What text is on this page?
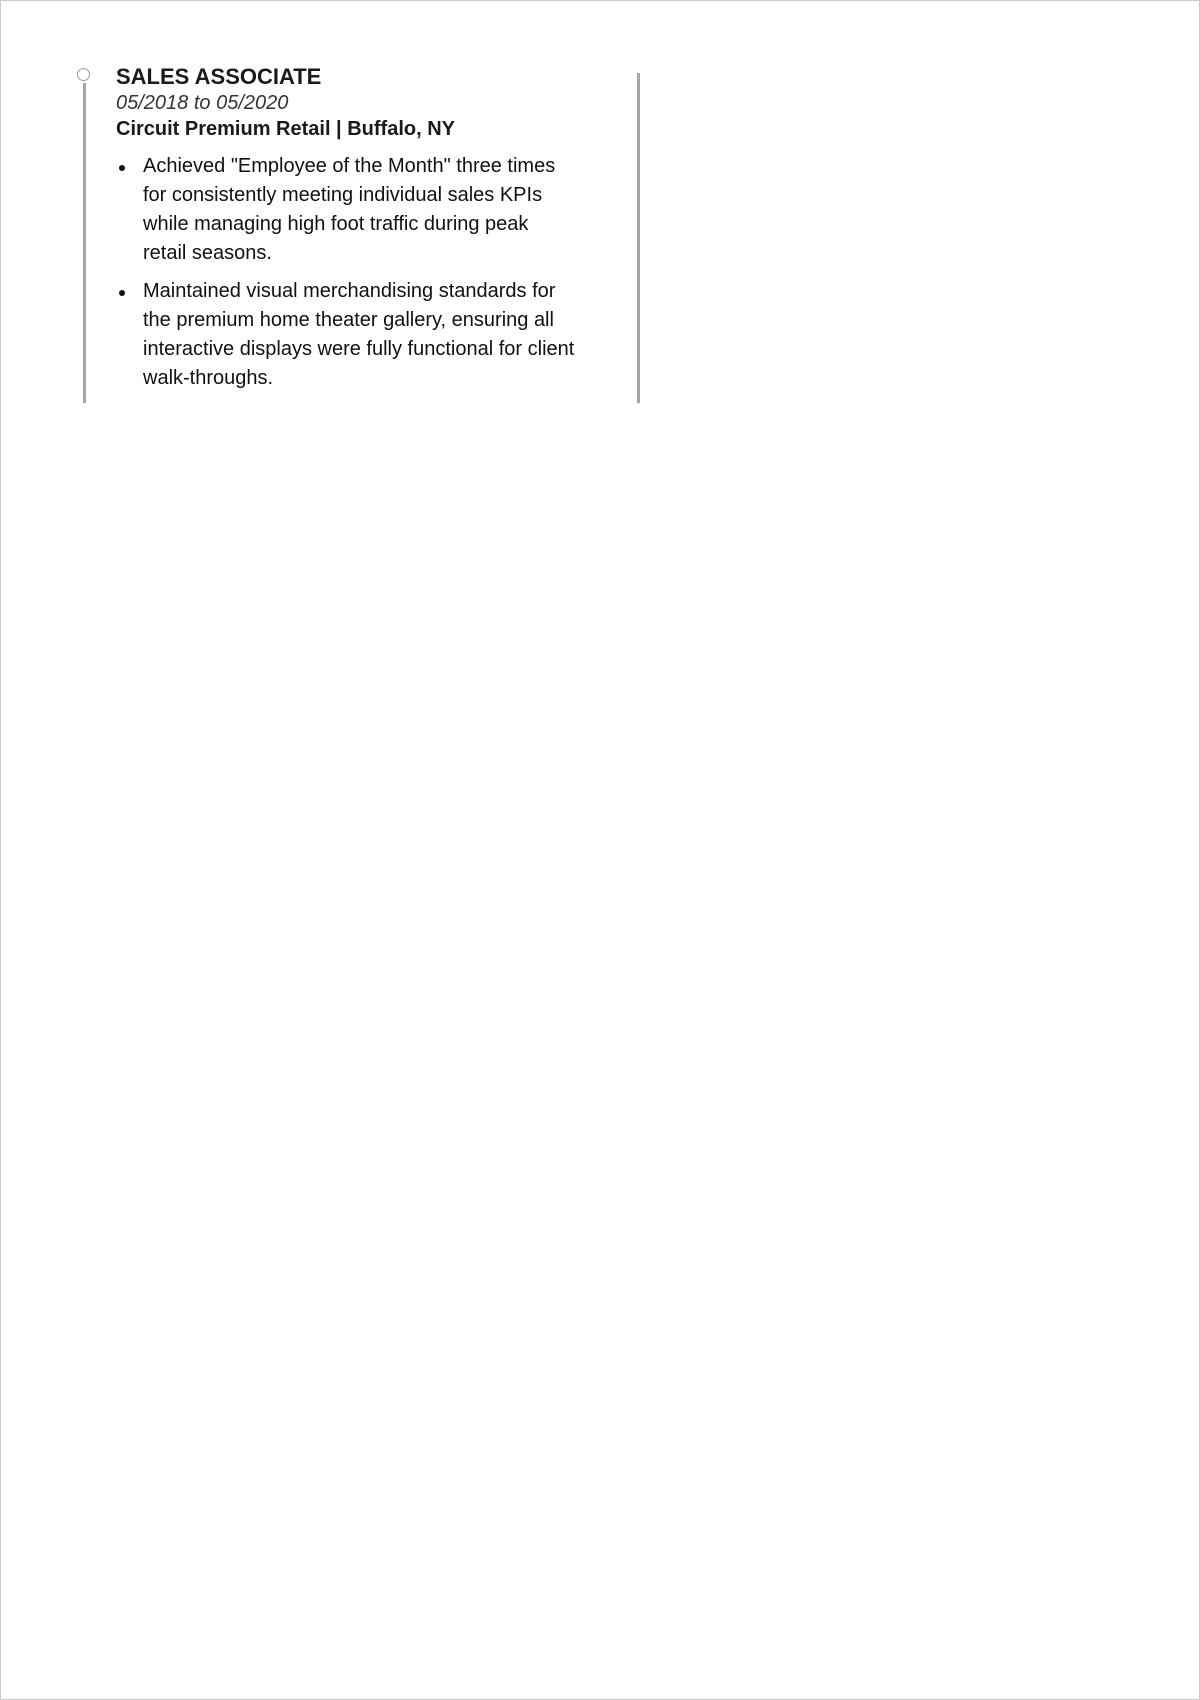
SALES ASSOCIATE
05/2018 to 05/2020
Circuit Premium Retail | Buffalo, NY
Achieved "Employee of the Month" three times for consistently meeting individual sales KPIs while managing high foot traffic during peak retail seasons.
Maintained visual merchandising standards for the premium home theater gallery, ensuring all interactive displays were fully functional for client walk-throughs.
